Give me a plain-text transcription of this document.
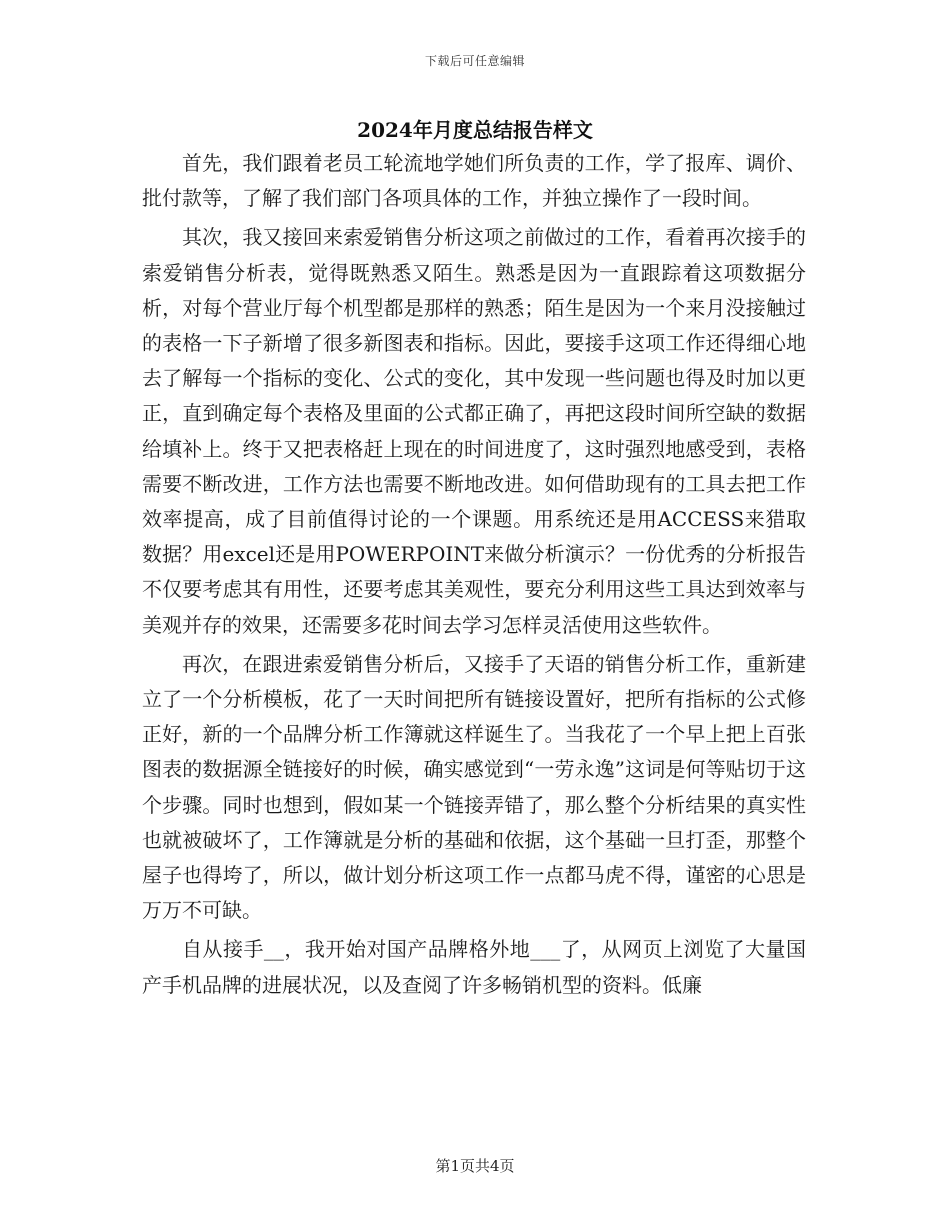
下载后可任意编辑
2024年月度总结报告样文

首先，我们跟着老员工轮流地学她们所负责的工作，学了报库、调价、批付款等，了解了我们部门各项具体的工作，并独立操作了一段时间。

其次，我又接回来索爱销售分析这项之前做过的工作，看着再次接手的索爱销售分析表，觉得既熟悉又陌生。熟悉是因为一直跟踪着这项数据分析，对每个营业厅每个机型都是那样的熟悉；陌生是因为一个来月没接触过的表格一下子新增了很多新图表和指标。因此，要接手这项工作还得细心地去了解每一个指标的变化、公式的变化，其中发现一些问题也得及时加以更正，直到确定每个表格及里面的公式都正确了，再把这段时间所空缺的数据给填补上。终于又把表格赶上现在的时间进度了，这时强烈地感受到，表格需要不断改进，工作方法也需要不断地改进。如何借助现有的工具去把工作效率提高，成了目前值得讨论的一个课题。用系统还是用ACCESS来猎取数据？用excel还是用POWERPOINT来做分析演示？一份优秀的分析报告不仅要考虑其有用性，还要考虑其美观性，要充分利用这些工具达到效率与美观并存的效果，还需要多花时间去学习怎样灵活使用这些软件。

再次，在跟进索爱销售分析后，又接手了天语的销售分析工作，重新建立了一个分析模板，花了一天时间把所有链接设置好，把所有指标的公式修正好，新的一个品牌分析工作簿就这样诞生了。当我花了一个早上把上百张图表的数据源全链接好的时候，确实感觉到“一劳永逸”这词是何等贴切于这个步骤。同时也想到，假如某一个链接弄错了，那么整个分析结果的真实性也就被破坏了，工作簿就是分析的基础和依据，这个基础一旦打歪，那整个屋子也得垮了，所以，做计划分析这项工作一点都马虎不得，谨密的心思是万万不可缺。

自从接手__，我开始对国产品牌格外地___了，从网页上浏览了大量国产手机品牌的进展状况，以及查阅了许多畅销机型的资料。低廉

第1页共4页
